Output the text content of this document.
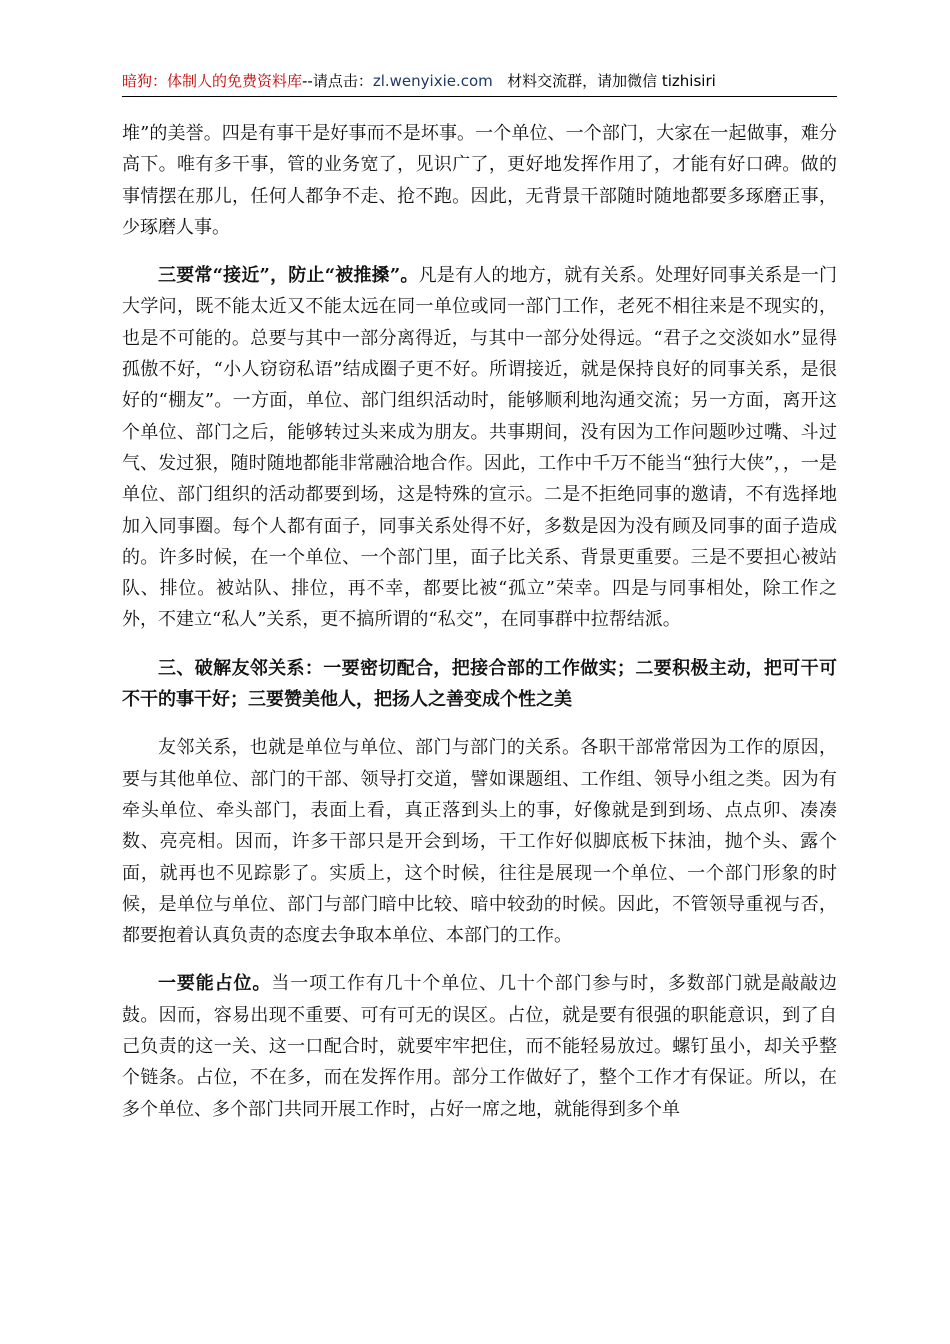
暗狗：体制人的免费资料库--请点击：zl.wenyixie.com 材料交流群，请加微信 tizhisiri

堆”的美誉。四是有事干是好事而不是坏事。一个单位、一个部门，大家在一起做事，难分高下。唯有多干事，管的业务宽了，见识广了，更好地发挥作用了，才能有好口碑。做的事情摆在那儿，任何人都争不走、抢不跑。因此，无背景干部随时随地都要多琢磨正事，少琢磨人事。

三要常“接近”，防止“被推搡”。凡是有人的地方，就有关系。处理好同事关系是一门大学问，既不能太近又不能太远在同一单位或同一部门工作，老死不相往来是不现实的，也是不可能的。总要与其中一部分离得近，与其中一部分处得远。“君子之交淡如水”显得孤傲不好，“小人窃窃私语”结成圈子更不好。所谓接近，就是保持良好的同事关系，是很好的“棚友”。一方面，单位、部门组织活动时，能够顺利地沟通交流；另一方面，离开这个单位、部门之后，能够转过头来成为朋友。共事期间，没有因为工作问题吵过嘴、斗过气、发过狠，随时随地都能非常融洽地合作。因此，工作中千万不能当“独行大侠”，，一是单位、部门组织的活动都要到场，这是特殊的宣示。二是不拒绝同事的邀请，不有选择地加入同事圈。每个人都有面子，同事关系处得不好，多数是因为没有顾及同事的面子造成的。许多时候，在一个单位、一个部门里，面子比关系、背景更重要。三是不要担心被站队、排位。被站队、排位，再不幸，都要比被“孤立”荣幸。四是与同事相处，除工作之外，不建立“私人”关系，更不搞所谓的“私交”，在同事群中拉帮结派。

三、破解友邻关系：一要密切配合，把接合部的工作做实；二要积极主动，把可干可不干的事干好；三要赞美他人，把扬人之善变成个性之美

友邻关系，也就是单位与单位、部门与部门的关系。各职干部常常因为工作的原因，要与其他单位、部门的干部、领导打交道，譬如课题组、工作组、领导小组之类。因为有牵头单位、牵头部门，表面上看，真正落到头上的事，好像就是到到场、点点卯、凑凑数、亮亮相。因而，许多干部只是开会到场，干工作好似脚底板下抹油，抛个头、露个面，就再也不见踪影了。实质上，这个时候，往往是展现一个单位、一个部门形象的时候，是单位与单位、部门与部门暗中比较、暗中较劲的时候。因此，不管领导重视与否，都要抱着认真负责的态度去争取本单位、本部门的工作。

一要能占位。当一项工作有几十个单位、几十个部门参与时，多数部门就是敲敲边鼓。因而，容易出现不重要、可有可无的误区。占位，就是要有很强的职能意识，到了自己负责的这一关、这一口配合时，就要牢牢把住，而不能轻易放过。螺钉虽小，却关乎整个链条。占位，不在多，而在发挥作用。部分工作做好了，整个工作才有保证。所以，在多个单位、多个部门共同开展工作时，占好一席之地，就能得到多个单
